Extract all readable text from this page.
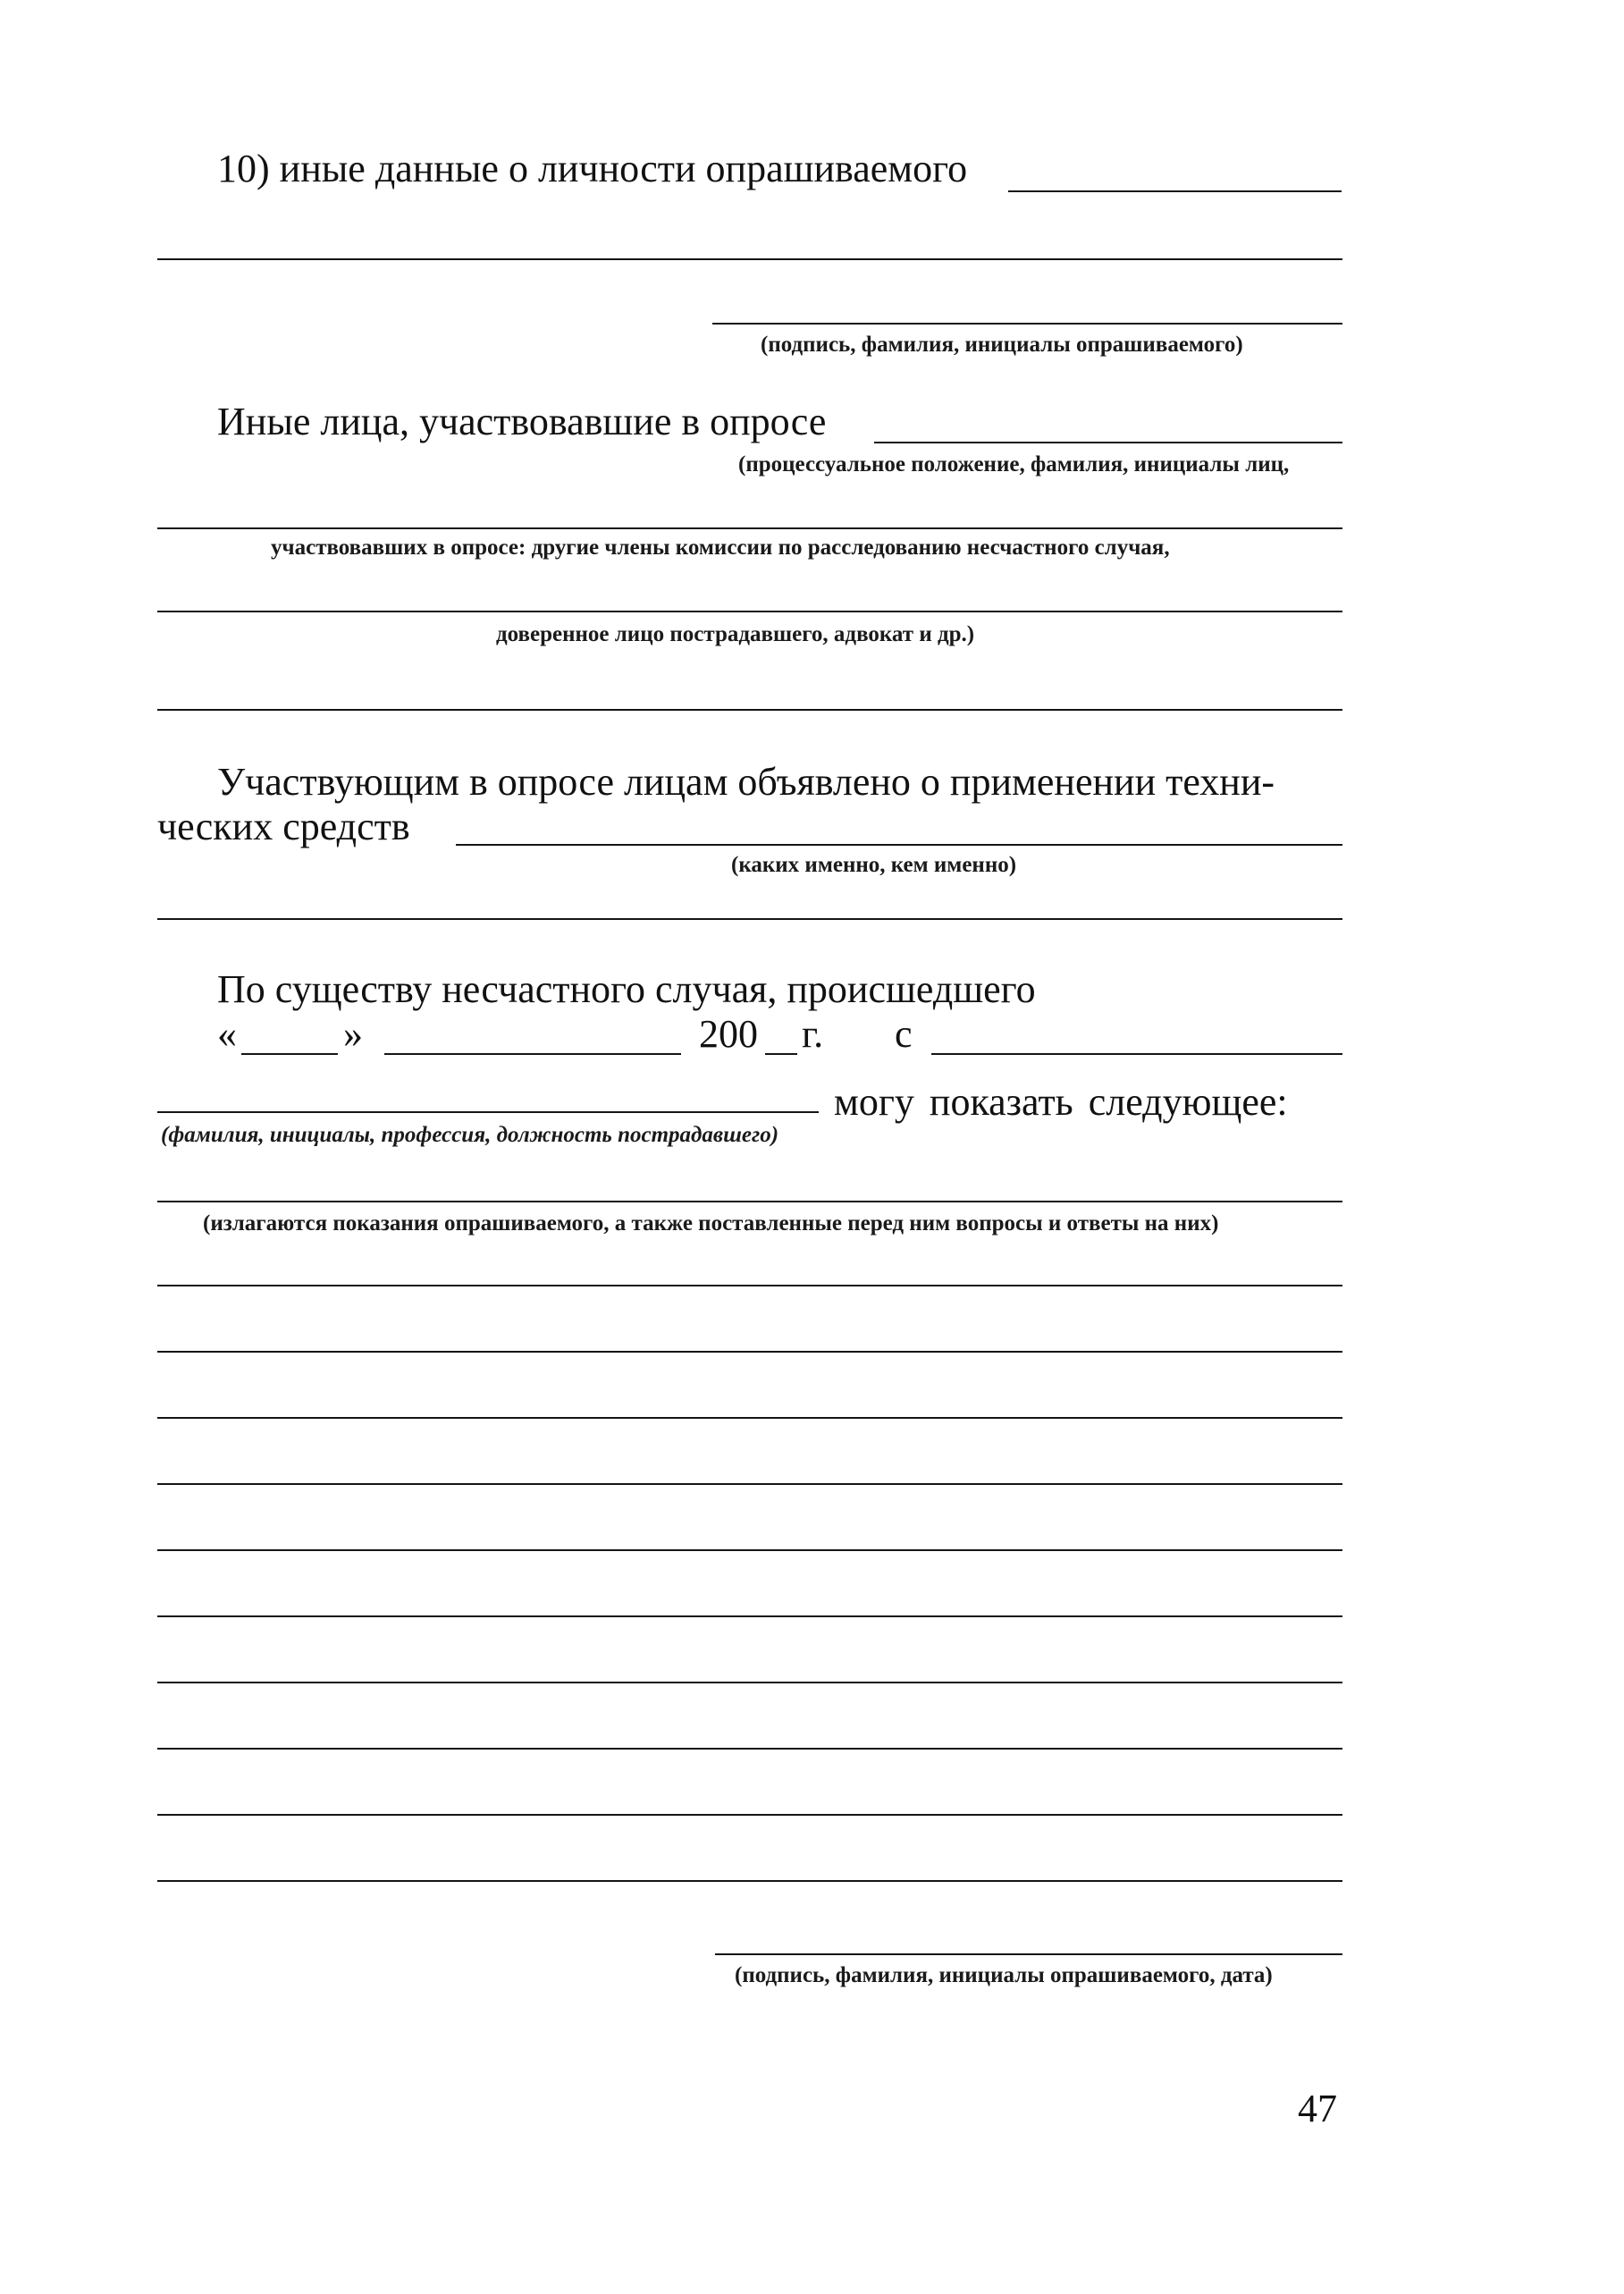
10) иные данные о личности опрашиваемого
(подпись, фамилия, инициалы опрашиваемого)
Иные лица, участвовавшие в опросе
(процессуальное положение, фамилия, инициалы лиц,
участвовавших в опросе: другие члены комиссии по расследованию несчастного случая,
доверенное лицо пострадавшего, адвокат и др.)
Участвующим в опросе лицам объявлено о применении техни-
ческих средств
(каких именно, кем именно)
По существу несчастного случая, происшедшего
«	»	200 г. с
могу показать следующее:
(фамилия, инициалы, профессия, должность пострадавшего)
(излагаются показания опрашиваемого, а также поставленные перед ним вопросы и ответы на них)
(подпись, фамилия, инициалы опрашиваемого, дата)
47
